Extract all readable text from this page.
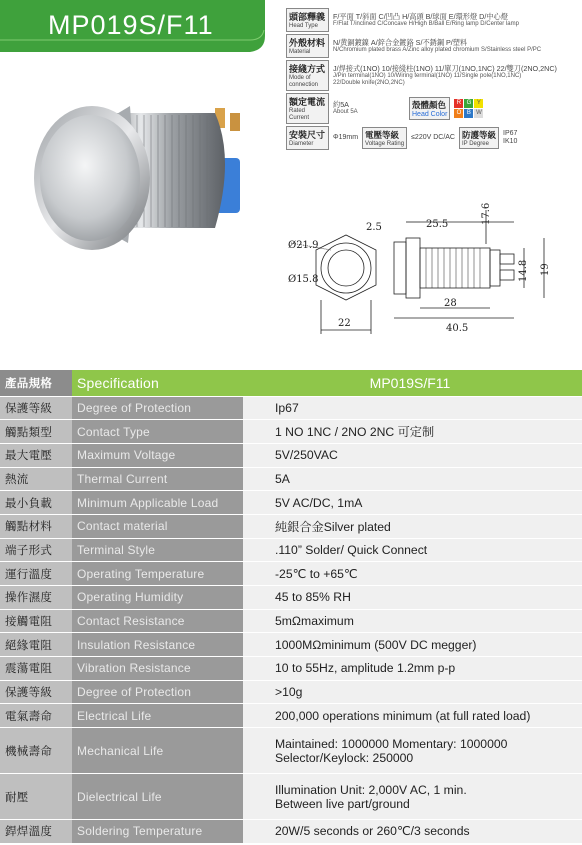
MP019S/F11	頭部釋義
Head Type
F/平面 T/斜面 C/凹凸 H/高頭 B/球面 E/環形燈 D/中心燈
F/Flat T/inclined C/Concave H/High B/Ball E/Ring lamp D/Center lamp
外殼材料
Material
N/黄銅鍍鎳 A/鋅合金鍍鉻 S/不銹鋼 P/塑料
N/Chromium plated brass A/Zinc alloy plated chromium S/Stainless steel P/PC
接綫方式
Mode of
connection
J/焊接式(1NO) 10/接綫柱(1NO) 11/單刀(1NO,1NC) 22/雙刀(2NO,2NC)
J/Pin terminal(1NO) 10/Wiring terminal(1NO) 11/Single pole(1NO,1NC)
22/Double knife(2NO,2NC)
額定電流
Rated Current
約5A
About 5A
殼體顏色
Head Color
R G Y
O B W
安裝尺寸
Diameter
Φ19mm 電壓等級
Voltage Rating
≤220V DC/AC 防護等級
IP Degree
IP67
IK10
2.5	25.5	17.6
Ø21.9
Ø15.8	14.8 19
22
28
40.5
產品規格	Specification	MP019S/F11
保護等級	Degree of Protection	Ip67
觸點類型	Contact Type	1 NO 1NC / 2NO 2NC 可定制
最大電壓	Maximum Voltage	5V/250VAC
熱流	Thermal Current	5A
最小負載	Minimum Applicable Load	5V AC/DC, 1mA
觸點材料	Contact material	純銀合金Silver plated
端子形式	Terminal Style	.110” Solder/ Quick Connect
運行溫度	Operating Temperature	-25℃ to +65℃
操作濕度	Operating Humidity	45 to 85% RH
接觸電阻	Contact Resistance	5mΩmaximum
絕緣電阻	Insulation Resistance	1000MΩminimum (500V DC megger)
震蕩電阻	Vibration Resistance	10 to 55Hz, amplitude 1.2mm p-p
保護等級	Degree of Protection	>10g
電氣壽命	Electrical Life	200,000 operations minimum (at full rated load)
機械壽命	Mechanical Life	Maintained: 1000000 Momentary: 1000000
Selector/Keylock: 250000

耐壓	Dielectrical Life	Illumination Unit: 2,000V AC, 1 min.
Between live part/ground

銲焊溫度	Soldering Temperature	20W/5 seconds or 260℃/3 seconds
